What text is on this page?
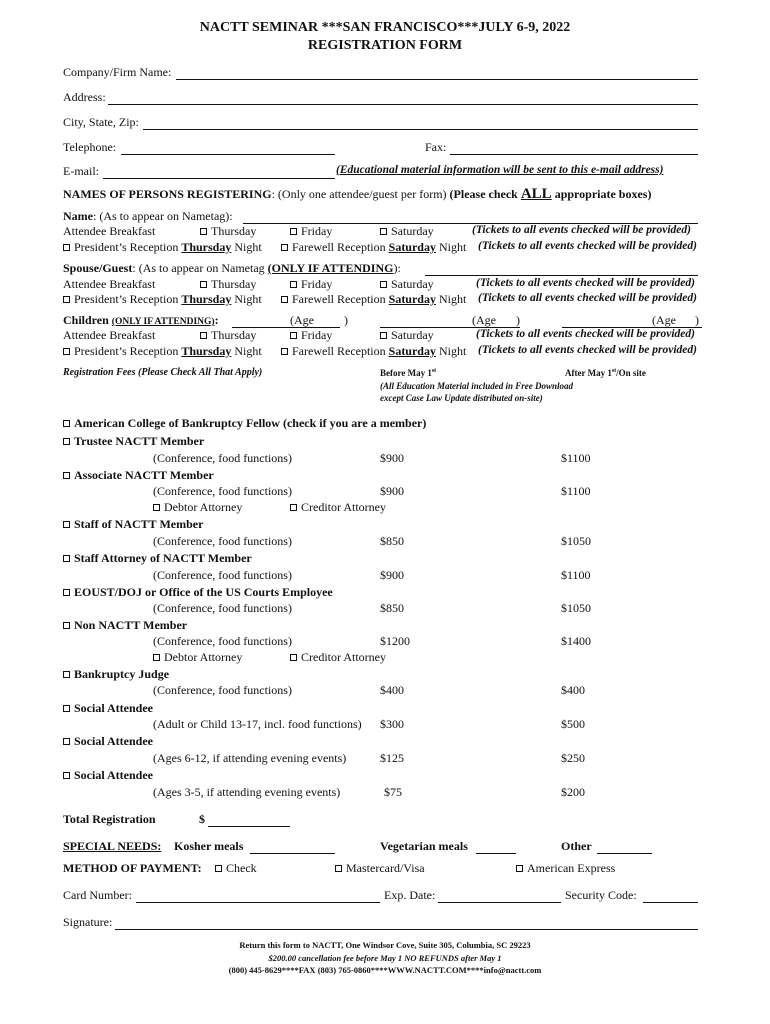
NACTT SEMINAR ***SAN FRANCISCO***JULY 6-9, 2022
REGISTRATION FORM
Company/Firm Name:
Address:
City, State, Zip:
Telephone:	Fax:
E-mail:	(Educational material information will be sent to this e-mail address)
NAMES OF PERSONS REGISTERING: (Only one attendee/guest per form) (Please check ALL appropriate boxes)
Name: (As to appear on Nametag):
Attendee Breakfast	Thursday	Friday	Saturday	(Tickets to all events checked will be provided)
President’s Reception Thursday Night	Farewell Reception Saturday Night (Tickets to all events checked will be provided)
Spouse/Guest: (As to appear on Nametag (ONLY IF ATTENDING):
Attendee Breakfast	Thursday	Friday	Saturday	(Tickets to all events checked will be provided)
President’s Reception Thursday Night	Farewell Reception Saturday Night (Tickets to all events checked will be provided)
Children (ONLY IF ATTENDING):	(Age	)	(Age )	(Age )
Attendee Breakfast	Thursday	Friday	Saturday	(Tickets to all events checked will be provided)
President’s Reception Thursday Night	Farewell Reception Saturday Night (Tickets to all events checked will be provided)
Registration Fees (Please Check All That Apply)	Before May 1st	After May 1st/On site
(All Education Material included in Free Download
except Case Law Update distributed on-site)
American College of Bankruptcy Fellow (check if you are a member)
Trustee NACTT Member
(Conference, food functions)	$900	$1100
Associate NACTT Member
(Conference, food functions)	$900	$1100
Debtor Attorney	Creditor Attorney
Staff of NACTT Member
(Conference, food functions)	$850	$1050
Staff Attorney of NACTT Member
(Conference, food functions)	$900	$1100
EOUST/DOJ or Office of the US Courts Employee
(Conference, food functions)	$850	$1050
Non NACTT Member
(Conference, food functions)	$1200	$1400
Debtor Attorney	Creditor Attorney
Bankruptcy Judge
(Conference, food functions)	$400	$400
Social Attendee
(Adult or Child 13-17, incl. food functions) $300	$500
Social Attendee
(Ages 6-12, if attending evening events)	$125	$250
Social Attendee
(Ages 3-5, if attending evening events)	$75	$200
Total Registration	$
SPECIAL NEEDS: Kosher meals	Vegetarian meals	Other
METHOD OF PAYMENT:	Check	Mastercard/Visa	American Express
Card Number:	Exp. Date:	Security Code:
Signature:
Return this form to NACTT, One Windsor Cove, Suite 305, Columbia, SC 29223
$200.00 cancellation fee before May 1 NO REFUNDS after May 1
(800) 445-8629****FAX (803) 765-0860****WWW.NACTT.COM****info@nactt.com
